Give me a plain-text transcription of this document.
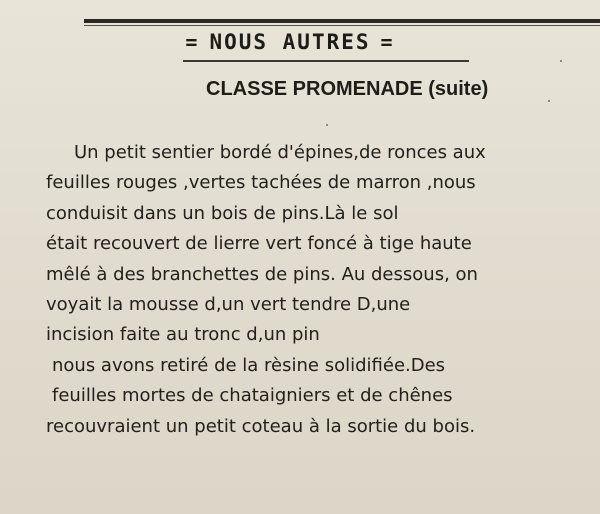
= NOUS AUTRES =
CLASSE PROMENADE (suite)
Un petit sentier bordé d'épines,de ronces aux
feuilles rouges ,vertes tachées de marron ,nous
conduisit dans un bois de pins.Là le sol
était recouvert de lierre vert foncé à tige haute
mêlé à des branchettes de pins. Au dessous, on
voyait la mousse d,un vert tendre D,une
incision faite au tronc d,un pin
nous avons retiré de la rèsine solidifiée.Des
feuilles mortes de chataigniers et de chênes
recouvraient un petit coteau à la sortie du bois.
